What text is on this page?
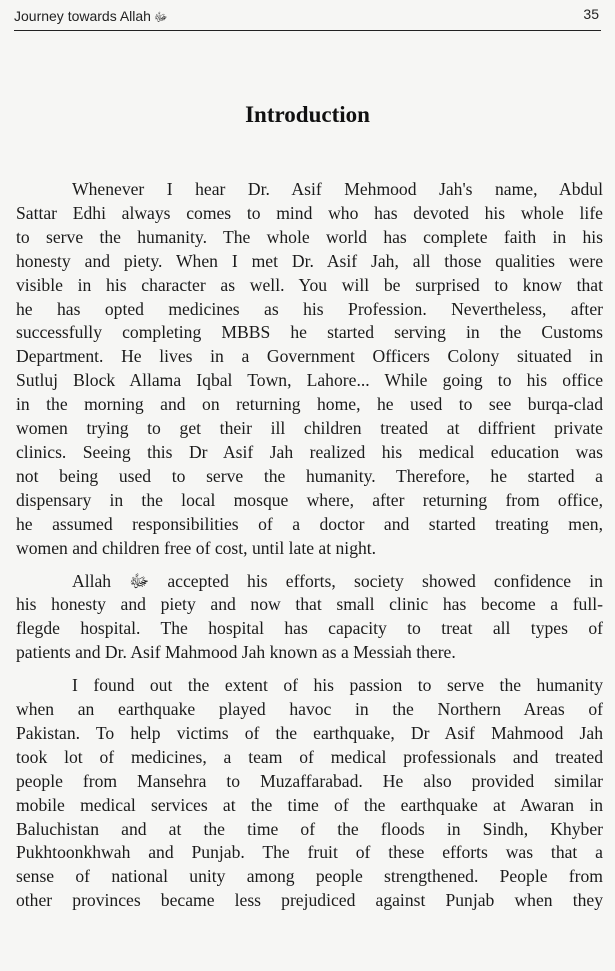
Journey towards Allah ﷻ	35
Introduction

Whenever I hear Dr. Asif Mehmood Jah's name, Abdul
Sattar Edhi always comes to mind who has devoted his whole life
to serve the humanity. The whole world has complete faith in his
honesty and piety. When I met Dr. Asif Jah, all those qualities were
visible in his character as well. You will be surprised to know that
he has opted medicines as his Profession. Nevertheless, after
successfully completing MBBS he started serving in the Customs
Department. He lives in a Government Officers Colony situated in
Sutluj Block Allama Iqbal Town, Lahore... While going to his office
in the morning and on returning home, he used to see burqa-clad
women trying to get their ill children treated at diffrient private
clinics. Seeing this Dr Asif Jah realized his medical education was
not being used to serve the humanity. Therefore, he started a
dispensary in the local mosque where, after returning from office,
he assumed responsibilities of a doctor and started treating men,
women and children free of cost, until late at night.

Allah ﷻ accepted his efforts, society showed confidence in
his honesty and piety and now that small clinic has become a full-
flegde hospital. The hospital has capacity to treat all types of
patients and Dr. Asif Mahmood Jah known as a Messiah there.

I found out the extent of his passion to serve the humanity
when an earthquake played havoc in the Northern Areas of
Pakistan. To help victims of the earthquake, Dr Asif Mahmood Jah
took lot of medicines, a team of medical professionals and treated
people from Mansehra to Muzaffarabad. He also provided similar
mobile medical services at the time of the earthquake at Awaran in
Baluchistan and at the time of the floods in Sindh, Khyber
Pukhtoonkhwah and Punjab. The fruit of these efforts was that a
sense of national unity among people strengthened. People from
other provinces became less prejudiced against Punjab when they
